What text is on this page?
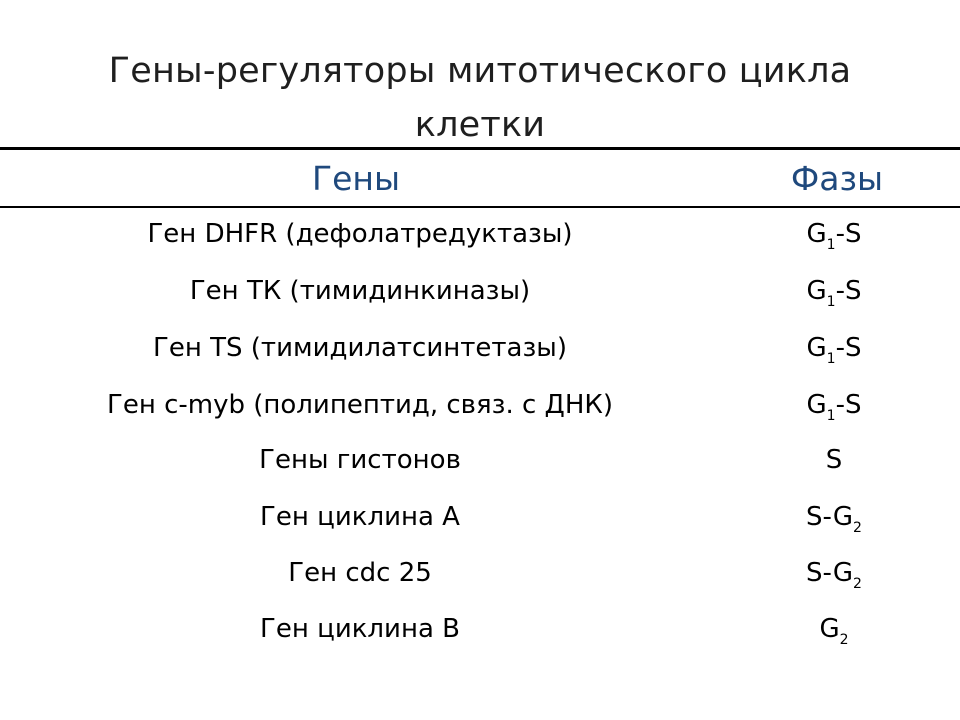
Гены-регуляторы митотического цикла
клетки
Гены	Фазы
Ген DHFR (дефолатредуктазы)	$G_1-S$
Ген ТК (тимидинкиназы)	$G_1-S$
Ген TS (тимидилатсинтетазы)	$G_1-S$
Ген c-myb (полипептид, связ. с ДНК)	$G_1-S$
Гены гистонов	S
Ген циклина А	$S-G_2$
Ген cdc 25	$S-G_2$
Ген циклина В	$G_2$
